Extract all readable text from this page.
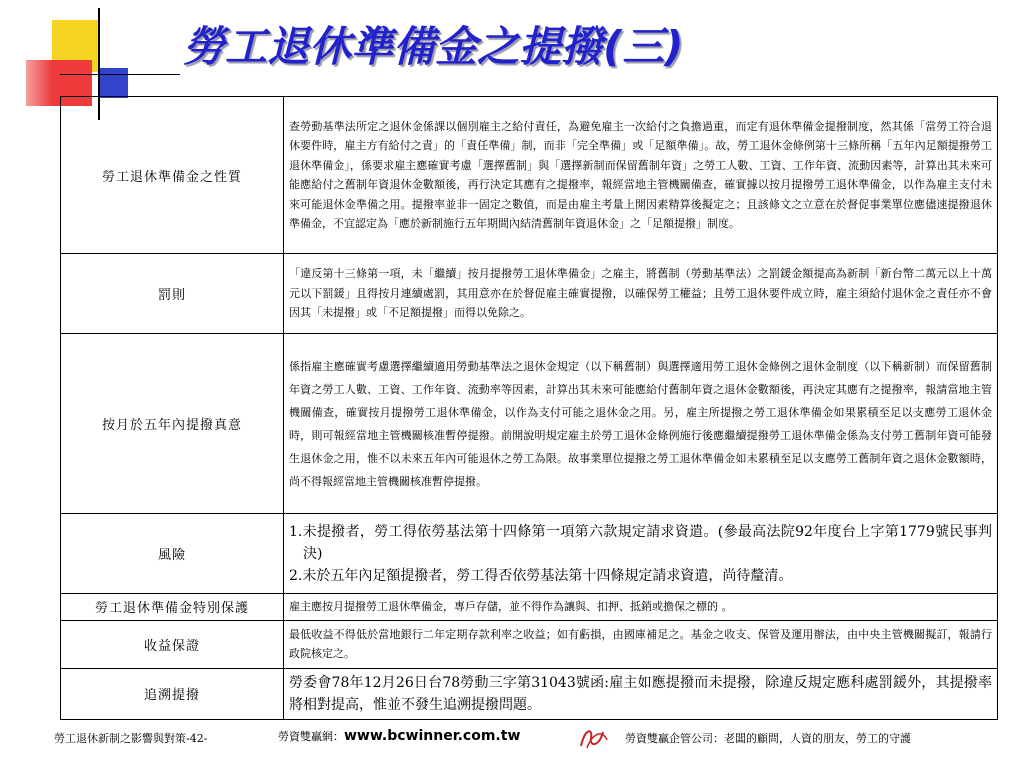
勞工退休準備金之提撥(三)
勞工退休準備金之性質	查勞動基準法所定之退休金係課以個別雇主之給付責任，為避免雇主一次給付之負擔過重，而定有退休準備金提撥制度，然其係「當勞工符合退休要件時，雇主方有給付之責」的「責任準備」制，而非「完全準備」或「足額準備」。故，勞工退休金條例第十三條所稱「五年內足額提撥勞工退休準備金」，係要求雇主應確實考慮「選擇舊制」與「選擇新制而保留舊制年資」之勞工人數、工資、工作年資、流動因素等，計算出其未來可能應給付之舊制年資退休金數額後，再行決定其應有之提撥率，報經當地主管機關備查，確實據以按月提撥勞工退休準備金，以作為雇主支付未來可能退休金準備之用。提撥率並非一固定之數值，而是由雇主考量上開因素精算後擬定之；且該條文之立意在於督促事業單位應儘速提撥退休準備金，不宜認定為「應於新制施行五年期間內結清舊制年資退休金」之「足額提撥」制度。
罰則	「違反第十三條第一項，未「繼續」按月提撥勞工退休準備金」之雇主，將舊制（勞動基準法）之罰鍰金額提高為新制「新台幣二萬元以上十萬元以下罰鍰」且得按月連續處罰，其用意亦在於督促雇主確實提撥，以確保勞工權益；且勞工退休要件成立時，雇主須給付退休金之責任亦不會因其「未提撥」或「不足額提撥」而得以免除之。
按月於五年內提撥真意	係指雇主應確實考慮選擇繼續適用勞動基準法之退休金規定（以下稱舊制）與選擇適用勞工退休金條例之退休金制度（以下稱新制）而保留舊制年資之勞工人數、工資、工作年資、流動率等因素，計算出其未來可能應給付舊制年資之退休金數額後，再決定其應有之提撥率，報請當地主管機關備查，確實按月提撥勞工退休準備金，以作為支付可能之退休金之用。另，雇主所提撥之勞工退休準備金如果累積至足以支應勞工退休金時，則可報經當地主管機關核准暫停提撥。前開說明規定雇主於勞工退休金條例施行後應繼續提撥勞工退休準備金係為支付勞工舊制年資可能發生退休金之用，惟不以未來五年內可能退休之勞工為限。故事業單位提撥之勞工退休準備金如未累積至足以支應勞工舊制年資之退休金數額時，尚不得報經當地主管機關核准暫停提撥。
風險	1.未提撥者，勞工得依勞基法第十四條第一項第六款規定請求資遣。(參最高法院92年度台上字第1779號民事判決)
2.未於五年內足額提撥者，勞工得否依勞基法第十四條規定請求資遣，尚待釐清。

勞工退休準備金特別保護	雇主應按月提撥勞工退休準備金，專戶存儲，並不得作為讓與、扣押、抵銷或擔保之標的 。
收益保證	最低收益不得低於當地銀行二年定期存款利率之收益；如有虧損，由國庫補足之。基金之收支、保管及運用辦法，由中央主管機關擬訂，報請行政院核定之。
追溯提撥	勞委會78年12月26日台78勞動三字第31043號函:雇主如應提撥而未提撥，除違反規定應科處罰鍰外，其提撥率將相對提高，惟並不發生追溯提撥問題。
勞工退休新制之影響與對策-42-	勞資雙贏網：www.bcwinner.com.tw	勞資雙贏企管公司：老闆的顧問，人資的朋友，勞工的守護
